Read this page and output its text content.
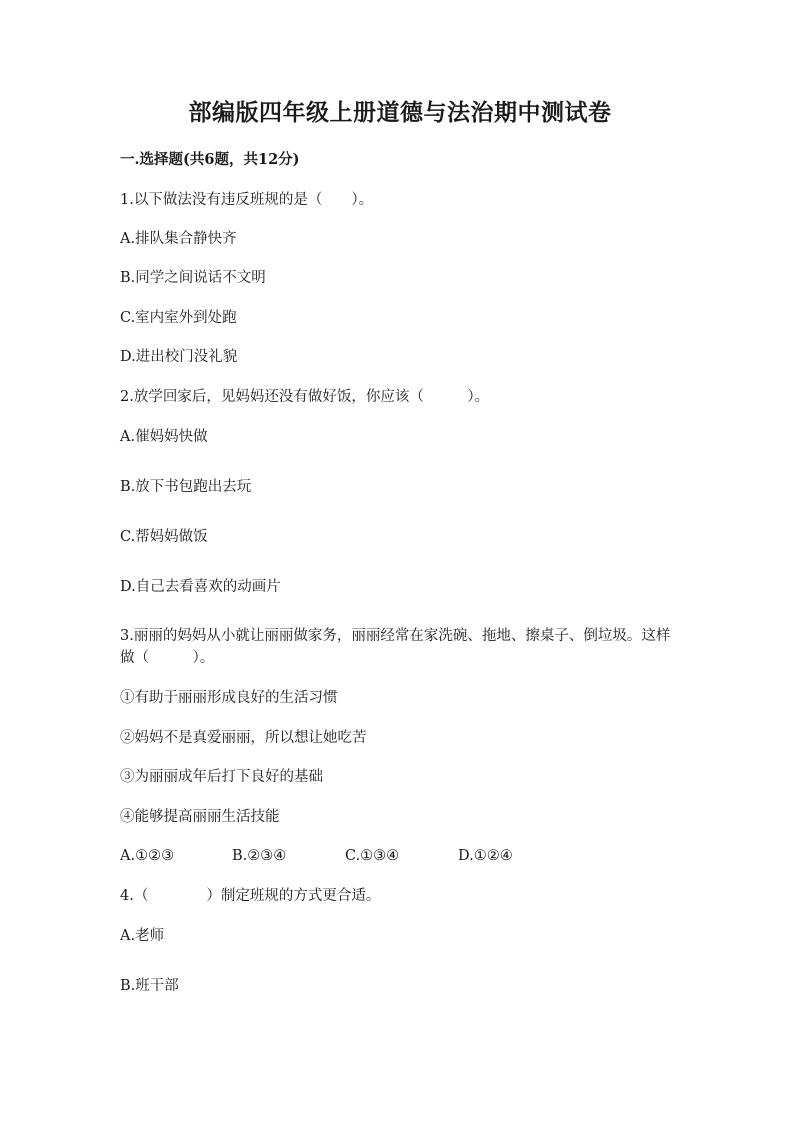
部编版四年级上册道德与法治期中测试卷
一.选择题(共6题，共12分)
1.以下做法没有违反班规的是（　　）。
A.排队集合静快齐
B.同学之间说话不文明
C.室内室外到处跑
D.进出校门没礼貌
2.放学回家后，见妈妈还没有做好饭，你应该（　　　）。
A.催妈妈快做
B.放下书包跑出去玩
C.帮妈妈做饭
D.自己去看喜欢的动画片
3.丽丽的妈妈从小就让丽丽做家务，丽丽经常在家洗碗、拖地、擦桌子、倒垃圾。这样做（　　　）。
①有助于丽丽形成良好的生活习惯
②妈妈不是真爱丽丽，所以想让她吃苦
③为丽丽成年后打下良好的基础
④能够提高丽丽生活技能
A.①②③	B.②③④	C.①③④	D.①②④
4.（　　　　）制定班规的方式更合适。
A.老师
B.班干部
